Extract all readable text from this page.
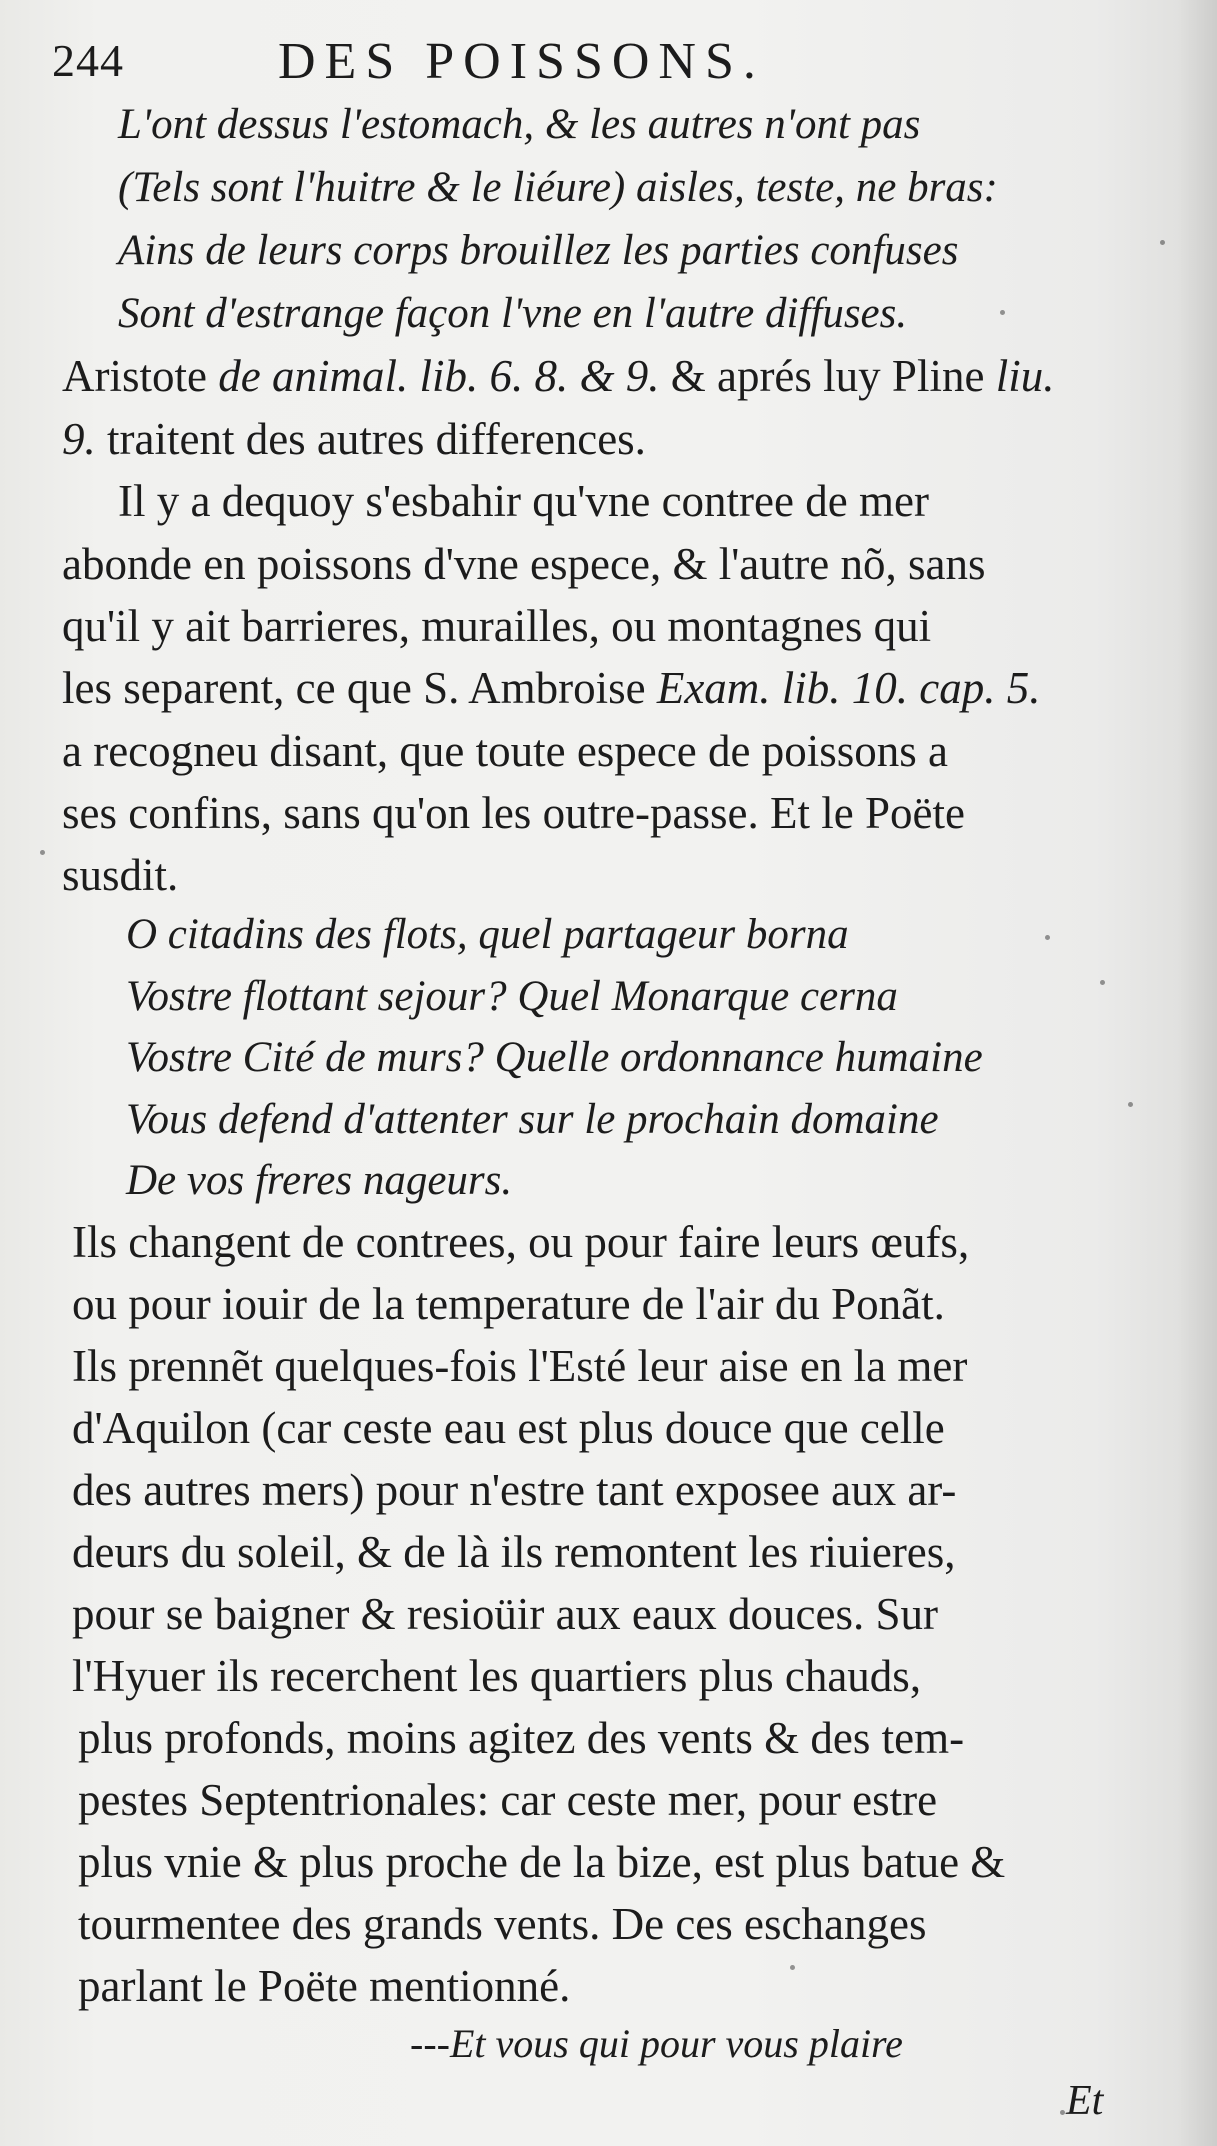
244	DES POISSONS.
L'ont dessus l'estomach, & les autres n'ont pas
(Tels sont l'huitre & le liéure) aisles, teste, ne bras:
Ains de leurs corps brouillez les parties confuses
Sont d'estrange façon l'vne en l'autre diffuses.
Aristote de animal. lib. 6. 8. & 9. & aprés luy Pline liu.
9. traitent des autres differences.
Il y a dequoy s'esbahir qu'vne contree de mer
abonde en poissons d'vne espece, & l'autre nõ, sans
qu'il y ait barrieres, murailles, ou montagnes qui
les separent, ce que S. Ambroise Exam. lib. 10. cap. 5.
a recogneu disant, que toute espece de poissons a
ses confins, sans qu'on les outre-passe. Et le Poëte
susdit.
O citadins des flots, quel partageur borna
Vostre flottant sejour? Quel Monarque cerna
Vostre Cité de murs? Quelle ordonnance humaine
Vous defend d'attenter sur le prochain domaine
De vos freres nageurs.
Ils changent de contrees, ou pour faire leurs œufs,
ou pour iouir de la temperature de l'air du Ponãt.
Ils prennẽt quelques-fois l'Esté leur aise en la mer
d'Aquilon (car ceste eau est plus douce que celle
des autres mers) pour n'estre tant exposee aux ar-
deurs du soleil, & de là ils remontent les riuieres,
pour se baigner & resioüir aux eaux douces. Sur
l'Hyuer ils recerchent les quartiers plus chauds,
plus profonds, moins agitez des vents & des tem-
pestes Septentrionales: car ceste mer, pour estre
plus vnie & plus proche de la bize, est plus batue &
tourmentee des grands vents. De ces eschanges
parlant le Poëte mentionné.
---Et vous qui pour vous plaire
Et
